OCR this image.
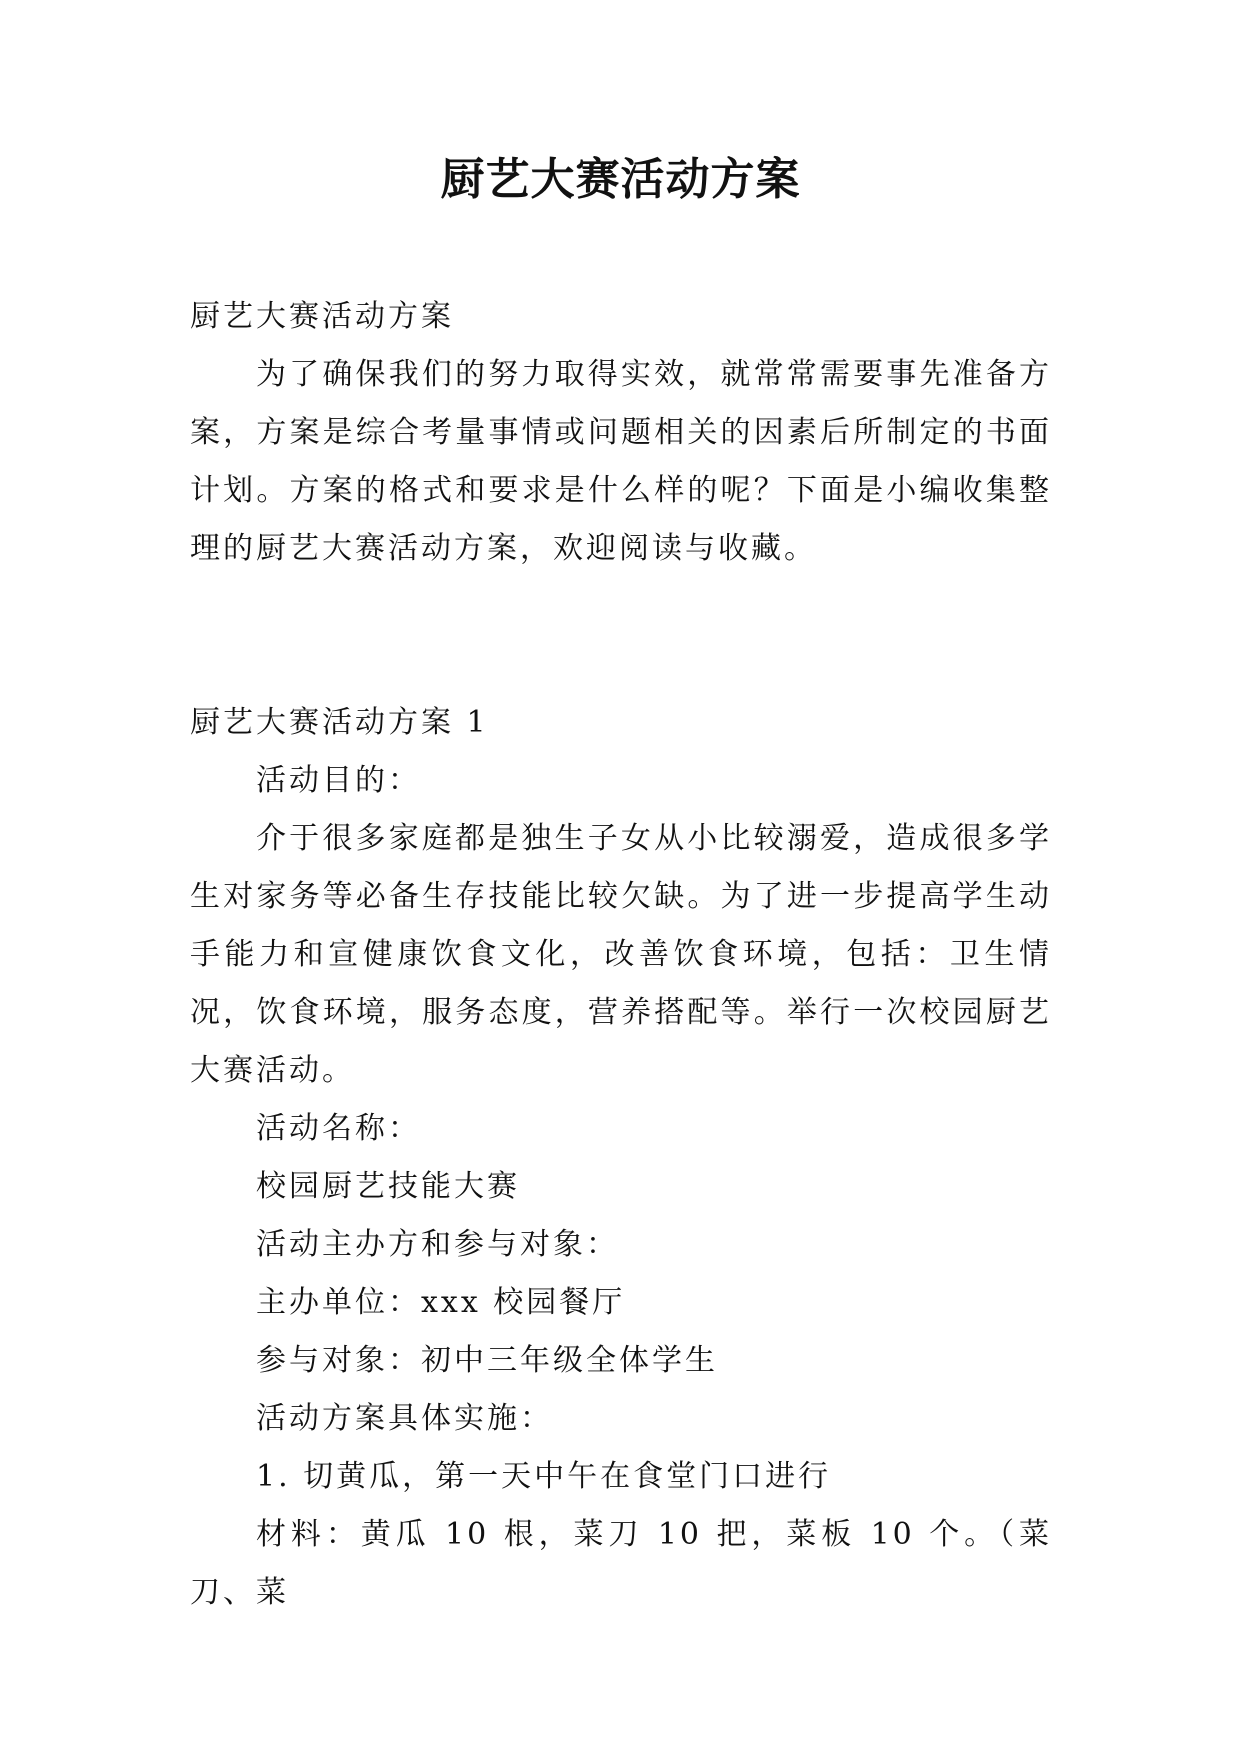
厨艺大赛活动方案

厨艺大赛活动方案

为了确保我们的努力取得实效，就常常需要事先准备方案，方案是综合考量事情或问题相关的因素后所制定的书面计划。方案的格式和要求是什么样的呢？下面是小编收集整理的厨艺大赛活动方案，欢迎阅读与收藏。

厨艺大赛活动方案 1

活动目的：

介于很多家庭都是独生子女从小比较溺爱，造成很多学生对家务等必备生存技能比较欠缺。为了进一步提高学生动手能力和宣健康饮食文化，改善饮食环境，包括：卫生情况，饮食环境，服务态度，营养搭配等。举行一次校园厨艺大赛活动。

活动名称：

校园厨艺技能大赛

活动主办方和参与对象：

主办单位：xxx 校园餐厅

参与对象：初中三年级全体学生

活动方案具体实施：

1. 切黄瓜，第一天中午在食堂门口进行

材料：黄瓜 10 根，菜刀 10 把，菜板 10 个。（菜刀、菜
